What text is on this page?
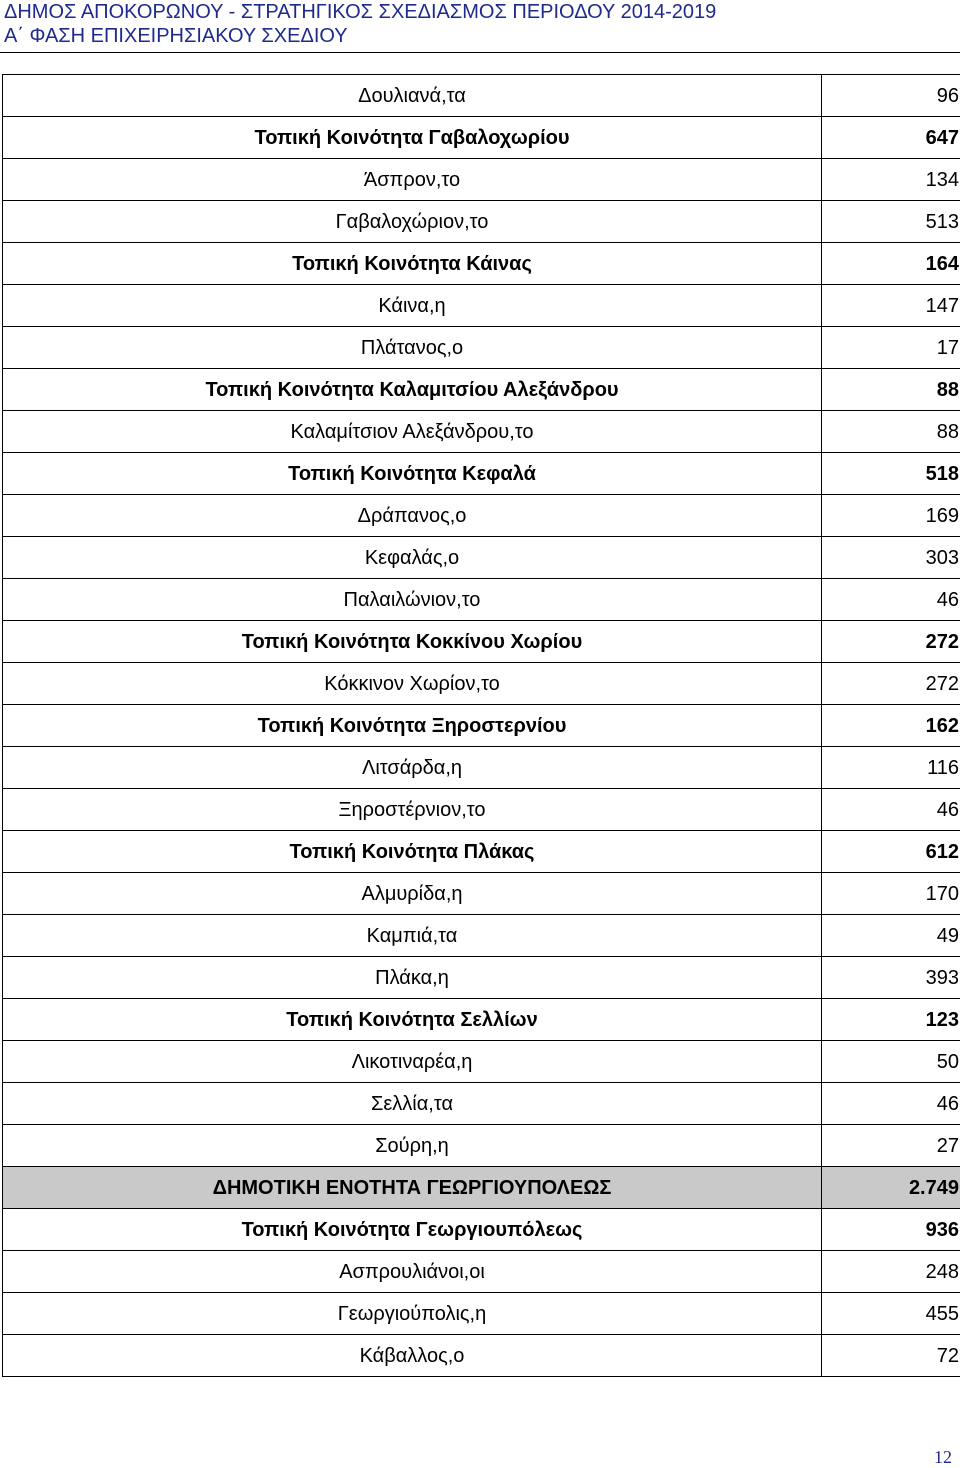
ΔΗΜΟΣ ΑΠΟΚΟΡΩΝΟΥ - ΣΤΡΑΤΗΓΙΚΟΣ ΣΧΕΔΙΑΣΜΟΣ ΠΕΡΙΟΔΟΥ 2014-2019
Α΄ ΦΑΣΗ ΕΠΙΧΕΙΡΗΣΙΑΚΟΥ ΣΧΕΔΙΟΥ
Δουλιανά,τα	96
Τοπική Κοινότητα Γαβαλοχωρίου	647
Άσπρον,το	134
Γαβαλοχώριον,το	513
Τοπική Κοινότητα Κάινας	164
Κάινα,η	147
Πλάτανος,ο	17
Τοπική Κοινότητα Καλαμιτσίου Αλεξάνδρου	88
Καλαμίτσιον Αλεξάνδρου,το	88
Τοπική Κοινότητα Κεφαλά	518
Δράπανος,ο	169
Κεφαλάς,ο	303
Παλαιλώνιον,το	46
Τοπική Κοινότητα Κοκκίνου Χωρίου	272
Κόκκινον Χωρίον,το	272
Τοπική Κοινότητα Ξηροστερνίου	162
Λιτσάρδα,η	116
Ξηροστέρνιον,το	46
Τοπική Κοινότητα Πλάκας	612
Αλμυρίδα,η	170
Καμπιά,τα	49
Πλάκα,η	393
Τοπική Κοινότητα Σελλίων	123
Λικοτιναρέα,η	50
Σελλία,τα	46
Σούρη,η	27
ΔΗΜΟΤΙΚΗ ΕΝΟΤΗΤΑ ΓΕΩΡΓΙΟΥΠΟΛΕΩΣ	2.749
Τοπική Κοινότητα Γεωργιουπόλεως	936
Ασπρουλιάνοι,οι	248
Γεωργιούπολις,η	455
Κάβαλλος,ο	72
12
